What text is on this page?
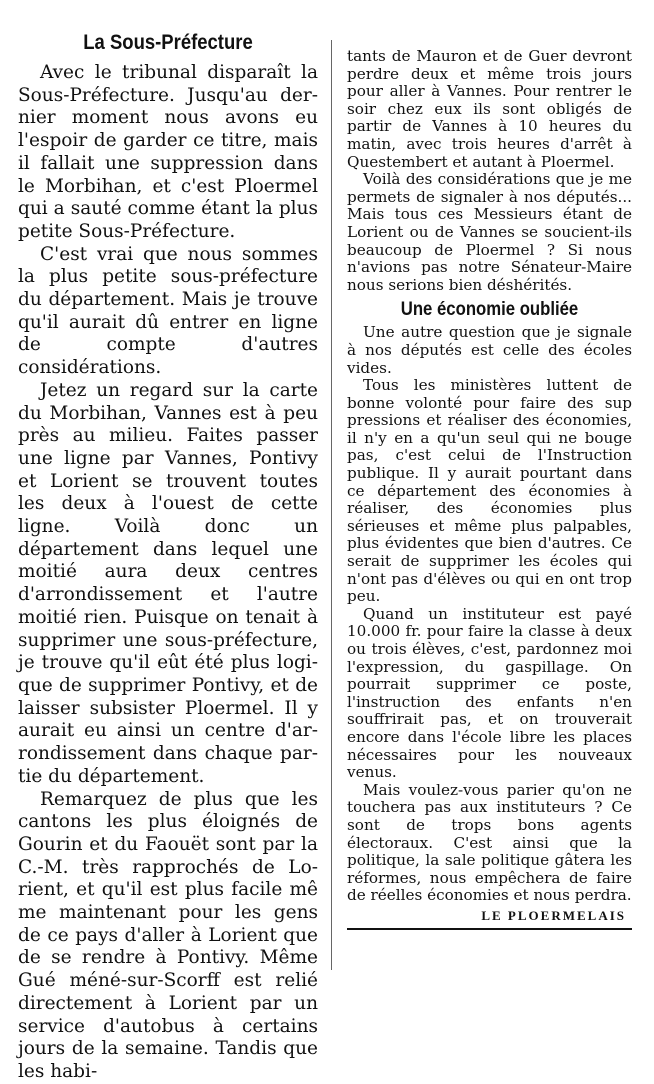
La Sous-Préfecture

Avec le tribunal disparaît la Sous-Préfecture. Jusqu'au dernier moment nous avons eu l'espoir de garder ce titre, mais il fallait une suppression dans le Morbihan, et c'est Ploermel qui a sauté comme étant la plus petite Sous-Préfecture.

C'est vrai que nous sommes la plus petite sous-préfecture du département. Mais je trouve qu'il aurait dû entrer en ligne de compte d'autres considérations.

Jetez un regard sur la carte du Morbihan, Vannes est à peu près au milieu. Faites passer une ligne par Vannes, Pontivy et Lorient se trouvent toutes les deux à l'ouest de cette ligne. Voilà donc un département dans lequel une moitié aura deux centres d'arrondissement et l'autre moitié rien. Puisque on tenait à supprimer une sous-préfecture, je trouve qu'il eût été plus logique de supprimer Pontivy, et de laisser subsister Ploermel. Il y aurait eu ainsi un centre d'arrondissement dans chaque partie du département.

Remarquez de plus que les cantons les plus éloignés de Gourin et du Faouët sont par la C.-M. très rapprochés de Lorient, et qu'il est plus facile mê me maintenant pour les gens de ce pays d'aller à Lorient que de se rendre à Pontivy. Même Gué méné-sur-Scorff est relié directement à Lorient par un service d'autobus à certains jours de la semaine. Tandis que les habi-

tants de Mauron et de Guer devront perdre deux et même trois jours pour aller à Vannes. Pour rentrer le soir chez eux ils sont obligés de partir de Vannes à 10 heures du matin, avec trois heures d'arrêt à Questembert et autant à Ploermel.

Voilà des considérations que je me permets de signaler à nos députés... Mais tous ces Messieurs étant de Lorient ou de Vannes se soucient-ils beaucoup de Ploermel ? Si nous n'avions pas notre Sénateur-Maire nous serions bien déshérités.

Une économie oubliée

Une autre question que je signale à nos députés est celle des écoles vides.

Tous les ministères luttent de bonne volonté pour faire des sup pressions et réaliser des économies, il n'y en a qu'un seul qui ne bouge pas, c'est celui de l'Instruction publique. Il y aurait pourtant dans ce département des économies à réaliser, des économies plus sérieuses et même plus palpables, plus évidentes que bien d'autres. Ce serait de supprimer les écoles qui n'ont pas d'élèves ou qui en ont trop peu.

Quand un instituteur est payé 10.000 fr. pour faire la classe à deux ou trois élèves, c'est, pardonnez moi l'expression, du gaspillage. On pourrait supprimer ce poste, l'instruction des enfants n'en souffrirait pas, et on trouverait encore dans l'école libre les places nécessaires pour les nouveaux venus.

Mais voulez-vous parier qu'on ne touchera pas aux instituteurs ? Ce sont de trops bons agents électoraux. C'est ainsi que la politique, la sale politique gâtera les réformes, nous empêchera de faire de réelles économies et nous perdra.

LE PLOERMELAIS
